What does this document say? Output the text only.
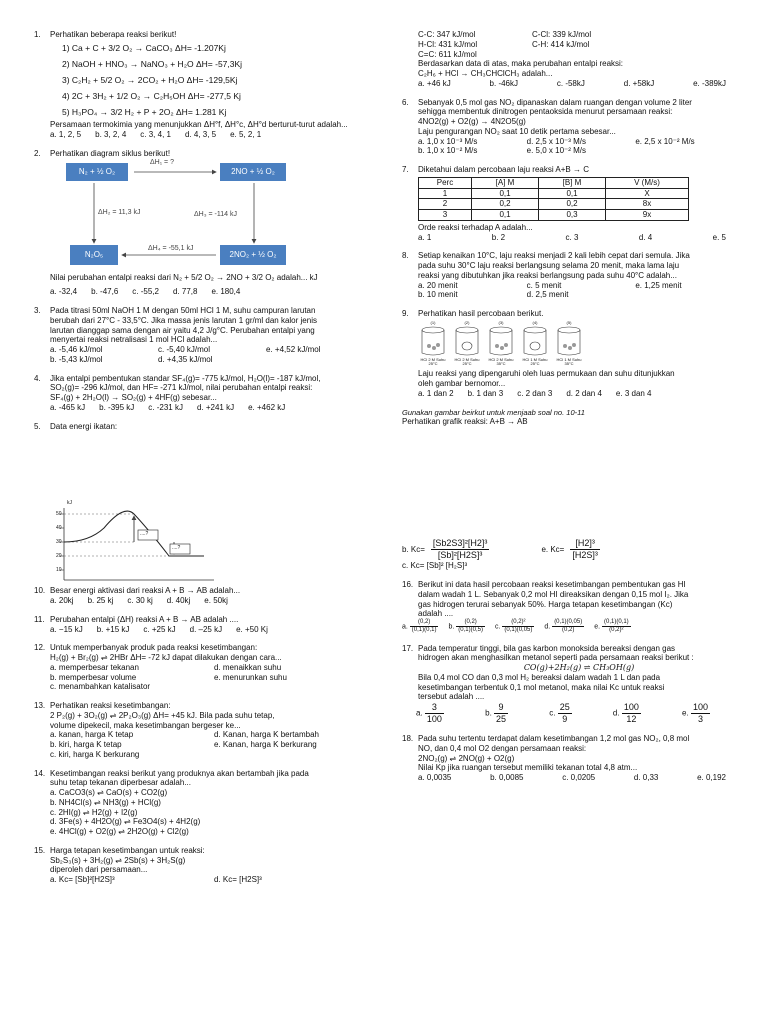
1.	Perhatikan beberapa reaksi berikut!
1) Ca + C + 3/2 O₂ → CaCO₃ ΔH= -1.207Kj
2) NaOH + HNO₃ → NaNO₃ + H₂O ΔH= -57,3Kj
3) C₂H₂ + 5/2 O₂ → 2CO₂ + H₂O ΔH= -129,5Kj
4) 2C + 3H₂ + 1/2 O₂ → C₂H₅OH ΔH= -277,5 Kj
5) H₃PO₄ → 3/2 H₂ + P + 2O₂ ΔH= 1.281 Kj
Persamaan termokimia yang menunjukkan ΔH°f, ΔH°c, ΔH°d berturut-turut adalah...
a. 1, 2, 5 b. 3, 2, 4 c. 3, 4, 1 d. 4, 3, 5 e. 5, 2, 1
2.	Perhatikan diagram siklus berikut!
N₂ + ½ O₂	2NO + ½ O₂
N₂O₅	2NO₂ + ½ O₂
ΔH₁ = ?
ΔH₂ = 11,3 kJ	ΔH₃ = -114 kJ
ΔH₄ = -55,1 kJ
Nilai perubahan entalpi reaksi dari N₂ + 5/2 O₂ → 2NO + 3/2 O₂ adalah... kJ
a. -32,4 b. -47,6 c. -55,2 d. 77,8 e. 180,4
3.	Pada titrasi 50ml NaOH 1 M dengan 50ml HCl 1 M, suhu campuran larutan
berubah dari 27°C - 33,5°C. Jika massa jenis larutan 1 gr/ml dan kalor jenis
larutan dianggap sama dengan air yaitu 4,2 J/g°C. Perubahan entalpi yang
menyertai reaksi netralisasi 1 mol HCl adalah...
a. -5,46 kJ/mol	c. -5,40 kJ/mol	e. +4,52 kJ/mol
b. -5,43 kJ/mol	d. +4,35 kJ/mol
4.	Jika entalpi pembentukan standar SF₄(g)= -775 kJ/mol, H₂O(l)= -187 kJ/mol,
SO₂(g)= -296 kJ/mol, dan HF= -271 kJ/mol, nilai perubahan entalpi reaksi:
SF₄(g) + 2H₂O(l) → SO₂(g) + 4HF(g) sebesar...
a. -465 kJ b. -395 kJ c. -231 kJ d. +241 kJ e. +462 kJ
5.	Data energi ikatan:
kJ
50
40
30
20
10
....?
....?
10. Besar energi aktivasi dari reaksi A + B → AB adalah...
a. 20kj b. 25 kj c. 30 kj d. 40kj e. 50kj
11. Perubahan entalpi (ΔH) reaksi A + B → AB adalah ....
a. −15 kJ b. +15 kJ c. +25 kJ d. –25 kJ e. +50 Kj
12. Untuk memperbanyak produk pada reaksi kesetimbangan:
H₂(g) + Br₂(g) ⇌ 2HBr ΔH= -72 kJ dapat dilakukan dengan cara...
a. memperbesar tekanan	d. menaikkan suhu
b. memperbesar volume	e. menurunkan suhu
c. menambahkan katalisator
13. Perhatikan reaksi kesetimbangan:
2 P₂(g) + 3O₂(g) ⇌ 2P₂O₃(g) ΔH= +45 kJ. Bila pada suhu tetap,
volume dipekecil, maka kesetimbangan bergeser ke...
a. kanan, harga K tetap	d. Kanan, harga K bertambah
b. kiri, harga K tetap	e. Kanan, harga K berkurang
c. kiri, harga K berkurang
14. Kesetimbangan reaksi berikut yang produknya akan bertambah jika pada
suhu tetap tekanan diperbesar adalah...
a. CaCO3(s) ⇌ CaO(s) + CO2(g)
b. NH4Cl(s) ⇌ NH3(g) + HCl(g)
c. 2HI(g) ⇌ H2(g) + I2(g)
d. 3Fe(s) + 4H2O(g) ⇌ Fe3O4(s) + 4H2(g)
e. 4HCl(g) + O2(g) ⇌ 2H2O(g) + Cl2(g)
15. Harga tetapan kesetimbangan untuk reaksi:
Sb₂S₃(s) + 3H₂(g) ⇌ 2Sb(s) + 3H₂S(g)
diperoleh dari persamaan...
a. Kc= [Sb]²[H2S]³	d. Kc= [H2S]³
C-C: 347 kJ/mol	C-Cl: 339 kJ/mol
H-Cl: 431 kJ/mol	C-H: 414 kJ/mol
C=C: 611 kJ/mol
Berdasarkan data di atas, maka perubahan entalpi reaksi:
C₂H₆ + HCl → CH₃CHClCH₃ adalah...
a. +46 kJ	b. -46kJ	c. -58kJ	d. +58kJ	e. -389kJ
6.	Sebanyak 0,5 mol gas NO₂ dipanaskan dalam ruangan dengan volume 2 liter
sehigga membentuk dinitrogen pentaoksida menurut persamaan reaksi:
4NO2(g) + O2(g) → 4N2O5(g)
Laju pengurangan NO₂ saat 10 detik pertama sebesar...
a. 1,0 x 10⁻³ M/s	d. 2,5 x 10⁻³ M/s	e. 2,5 x 10⁻² M/s
b. 1,0 x 10⁻² M/s	e. 5,0 x 10⁻² M/s
7.	Diketahui dalam percobaan laju reaksi A+B → C
Perc	[A] M	[B] M	V (M/s)
1	0,1	0,1	X
2	0,2	0,2	8x
3	0,1	0,3	9x
Orde reaksi terhadap A adalah...
a. 1	b. 2	c. 3	d. 4	e. 5
8.	Setiap kenaikan 10°C, laju reaksi menjadi 2 kali lebih cepat dari semula. Jika
pada suhu 30°C laju reaksi berlangsung selama 20 menit, maka lama laju
reaksi yang dibutuhkan jika reaksi berlangsung pada suhu 40°C adalah...
a. 20 menit	c. 5 menit	e. 1,25 menit
b. 10 menit	d. 2,5 menit
9.	Perhatikan hasil percobaan berikut.
(1)
HCl 2 M Suhu 25°C
(2)
HCl 2 M Suhu 25°C
(3)
HCl 2 M Suhu 35°C
(4)
HCl 1 M Suhu 25°C
(5)
HCl 1 M Suhu 35°C
Laju reaksi yang dipengaruhi oleh luas permukaan dan suhu ditunjukkan
oleh gambar bernomor...
a. 1 dan 2 b. 1 dan 3 c. 2 dan 3 d. 2 dan 4 e. 3 dan 4
Gunakan gambar beirkut untuk menjaab soal no. 10-11
Perhatikan grafik reaksi: A+B → AB
b. $Kc= \frac{\text{[Sb2S3]²[H2]³}}{\text{[Sb]²[H2S]³}}$	e. $Kc= \frac{\text{[H2]³}}{\text{[H2S]³}}$
c. Kc= [Sb]² [H₂S]³
16. Berikut ini data hasil percobaan reaksi kesetimbangan pembentukan gas HI
dalam wadah 1 L. Sebanyak 0,2 mol HI direaksikan dengan 0,15 mol I₂. Jika
gas hidrogen terurai sebanyak 50%. Harga tetapan kesetimbangan (Kc)
adalah ....
a. $\frac{(0,2)}{(0,1)(0,1)} b$. $\frac{(0,2)}{(0,1)(0,5)} c$. $\frac{\text{(0,2)²}}{(0,1)(0,05)} d$. $\frac{(0,1)(0,05)}{(0,2)} e$. $\frac{(0,1)(0,1)}{\text{(0,2)²}}$
17. Pada temperatur tinggi, bila gas karbon monoksida bereaksi dengan gas
hidrogen akan menghasilkan metanol seperti pada persamaan reaksi berikut :
CO(g)+2H₂(g) ⇌ CH₃OH(g)
Bila 0,4 mol CO dan 0,3 mol H₂ bereaksi dalam wadah 1 L dan pada
kesetimbangan terbentuk 0,1 mol metanol, maka nilai Kc untuk reaksi
tersebut adalah ....
a. $\frac{3}{100}$	b. $\frac{9}{25}$	c. $\frac{25}{9}$	d. $\frac{100}{12}$	e. $\frac{100}{3}$
18. Pada suhu tertentu terdapat dalam kesetimbangan 1,2 mol gas NO₂, 0,8 mol
NO, dan 0,4 mol O2 dengan persamaan reaksi:
2NO₂(g) ⇌ 2NO(g) + O2(g)
Nilai Kp jika ruangan tersebut memiliki tekanan total 4,8 atm...
a. 0,0035	b. 0,0085	c. 0,0205	d. 0,33	e. 0,192
